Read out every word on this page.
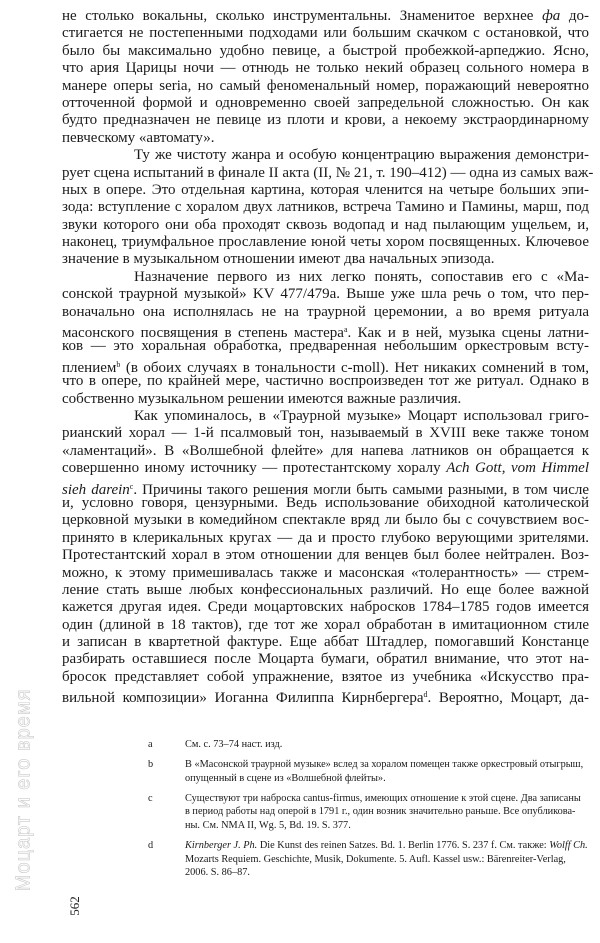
не столько вокальны, сколько инструментальны. Знаменитое верхнее фа до-
стигается не постепенными подходами или большим скачком с остановкой, что
было бы максимально удобно певице, а быстрой пробежкой-арпеджио. Ясно,
что ария Царицы ночи — отнюдь не только некий образец сольного номера в
манере оперы seria, но самый феноменальный номер, поражающий невероятно
отточенной формой и одновременно своей запредельной сложностью. Он как
будто предназначен не певице из плоти и крови, а некоему экстраординарному
певческому «автомату».
Ту же чистоту жанра и особую концентрацию выражения демонстри-
рует сцена испытаний в финале II акта (II, № 21, т. 190–412) — одна из самых важ-
ных в опере. Это отдельная картина, которая членится на четыре больших эпи-
зода: вступление с хоралом двух латников, встреча Тамино и Памины, марш, под
звуки которого они оба проходят сквозь водопад и над пылающим ущельем, и,
наконец, триумфальное прославление юной четы хором посвященных. Ключевое
значение в музыкальном отношении имеют два начальных эпизода.
Назначение первого из них легко понять, сопоставив его с «Ма-
сонской траурной музыкой» KV 477/479a. Выше уже шла речь о том, что пер-
воначально она исполнялась не на траурной церемонии, а во время ритуала
масонского посвящения в степень мастера$^a$. Как и в ней, музыка сцены латни-
ков — это хоральная обработка, предваренная небольшим оркестровым всту-
плением$^b$ (в обоих случаях в тональности c-moll). Нет никаких сомнений в том,
что в опере, по крайней мере, частично воспроизведен тот же ритуал. Однако в
собственно музыкальном решении имеются важные различия.
Как упоминалось, в «Траурной музыке» Моцарт использовал григо-
рианский хорал — 1-й псалмовый тон, называемый в XVIII веке также тоном
«ламентаций». В «Волшебной флейте» для напева латников он обращается к
совершенно иному источнику — протестантскому хоралу Ach Gott, vom Himmel
sieh darein$^c$. Причины такого решения могли быть самыми разными, в том числе
и, условно говоря, цензурными. Ведь использование обиходной католической
церковной музыки в комедийном спектакле вряд ли было бы с сочувствием вос-
принято в клерикальных кругах — да и просто глубоко верующими зрителями.
Протестантский хорал в этом отношении для венцев был более нейтрален. Воз-
можно, к этому примешивалась также и масонская «толерантность» — стрем-
ление стать выше любых конфессиональных различий. Но еще более важной
кажется другая идея. Среди моцартовских набросков 1784–1785 годов имеется
один (длиной в 18 тактов), где тот же хорал обработан в имитационном стиле
и записан в квартетной фактуре. Еще аббат Штадлер, помогавший Констанце
разбирать оставшиеся после Моцарта бумаги, обратил внимание, что этот на-
бросок представляет собой упражнение, взятое из учебника «Искусство пра-
вильной композиции» Иоганна Филиппа Кирнбергера$^d$. Вероятно, Моцарт, да-
a	См. с. 73–74 наст. изд.
b	В «Масонской траурной музыке» вслед за хоралом помещен также оркестровый отыгрыш,
опущенный в сцене из «Волшебной флейты».
c	Существуют три наброска cantus-firmus, имеющих отношение к этой сцене. Два записаны
в период работы над оперой в 1791 г., один возник значительно раньше. Все опубликова-
ны. См. NMA II, Wg. 5, Bd. 19. S. 377.
d	Kirnberger J. Ph. Die Kunst des reinen Satzes. Bd. 1. Berlin 1776. S. 237 f. См. также: Wolff Ch.
Mozarts Requiem. Geschichte, Musik, Dokumente. 5. Aufl. Kassel usw.: Bärenreiter-Verlag,
2006. S. 86–87.
Моцарт и его время
562
